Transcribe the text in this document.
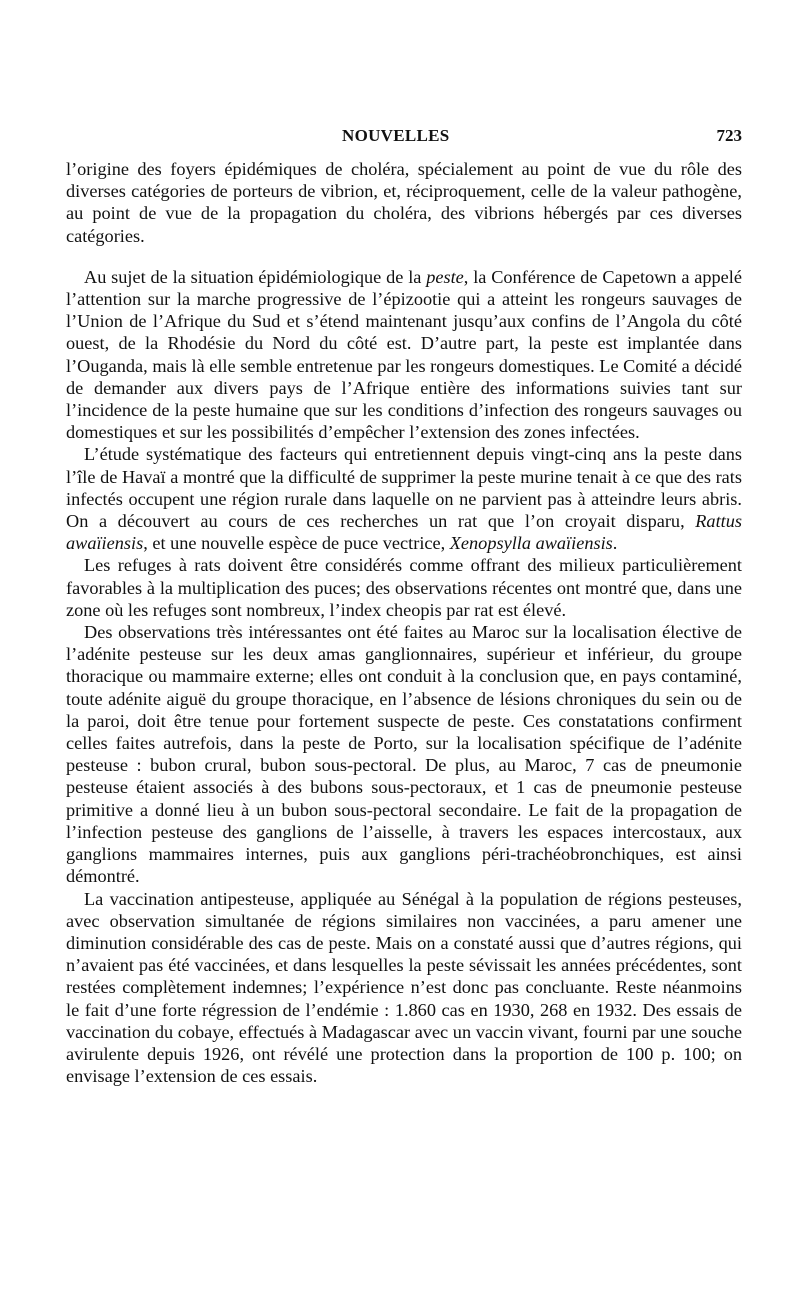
NOUVELLES	723

l’origine des foyers épidémiques de choléra, spécialement au point de vue du rôle des diverses catégories de porteurs de vibrion, et, réciproquement, celle de la valeur pathogène, au point de vue de la propagation du choléra, des vibrions hébergés par ces diverses catégories.

Au sujet de la situation épidémiologique de la peste, la Conférence de Capetown a appelé l’attention sur la marche progressive de l’épizootie qui a atteint les rongeurs sauvages de l’Union de l’Afrique du Sud et s’étend maintenant jusqu’aux confins de l’Angola du côté ouest, de la Rhodésie du Nord du côté est. D’autre part, la peste est implantée dans l’Ouganda, mais là elle semble entretenue par les rongeurs domestiques. Le Comité a décidé de demander aux divers pays de l’Afrique entière des informations suivies tant sur l’incidence de la peste humaine que sur les conditions d’infection des rongeurs sauvages ou domestiques et sur les possibilités d’empêcher l’extension des zones infectées.

L’étude systématique des facteurs qui entretiennent depuis vingt-cinq ans la peste dans l’île de Havaï a montré que la difficulté de supprimer la peste murine tenait à ce que des rats infectés occupent une région rurale dans laquelle on ne parvient pas à atteindre leurs abris. On a découvert au cours de ces recherches un rat que l’on croyait disparu, Rattus awaïiensis, et une nouvelle espèce de puce vectrice, Xenopsylla awaïiensis.

Les refuges à rats doivent être considérés comme offrant des milieux particulièrement favorables à la multiplication des puces; des observations récentes ont montré que, dans une zone où les refuges sont nombreux, l’index cheopis par rat est élevé.

Des observations très intéressantes ont été faites au Maroc sur la localisation élective de l’adénite pesteuse sur les deux amas ganglionnaires, supérieur et inférieur, du groupe thoracique ou mammaire externe; elles ont conduit à la conclusion que, en pays contaminé, toute adénite aiguë du groupe thoracique, en l’absence de lésions chroniques du sein ou de la paroi, doit être tenue pour fortement suspecte de peste. Ces constatations confirment celles faites autrefois, dans la peste de Porto, sur la localisation spécifique de l’adénite pesteuse : bubon crural, bubon sous-pectoral. De plus, au Maroc, 7 cas de pneumonie pesteuse étaient associés à des bubons sous-pectoraux, et 1 cas de pneumonie pesteuse primitive a donné lieu à un bubon sous-pectoral secondaire. Le fait de la propagation de l’infection pesteuse des ganglions de l’aisselle, à travers les espaces intercostaux, aux ganglions mammaires internes, puis aux ganglions péri-trachéobronchiques, est ainsi démontré.

La vaccination antipesteuse, appliquée au Sénégal à la population de régions pesteuses, avec observation simultanée de régions similaires non vaccinées, a paru amener une diminution considérable des cas de peste. Mais on a constaté aussi que d’autres régions, qui n’avaient pas été vaccinées, et dans lesquelles la peste sévissait les années précédentes, sont restées complètement indemnes; l’expérience n’est donc pas concluante. Reste néanmoins le fait d’une forte régression de l’endémie : 1.860 cas en 1930, 268 en 1932. Des essais de vaccination du cobaye, effectués à Madagascar avec un vaccin vivant, fourni par une souche avirulente depuis 1926, ont révélé une protection dans la proportion de 100 p. 100; on envisage l’extension de ces essais.
